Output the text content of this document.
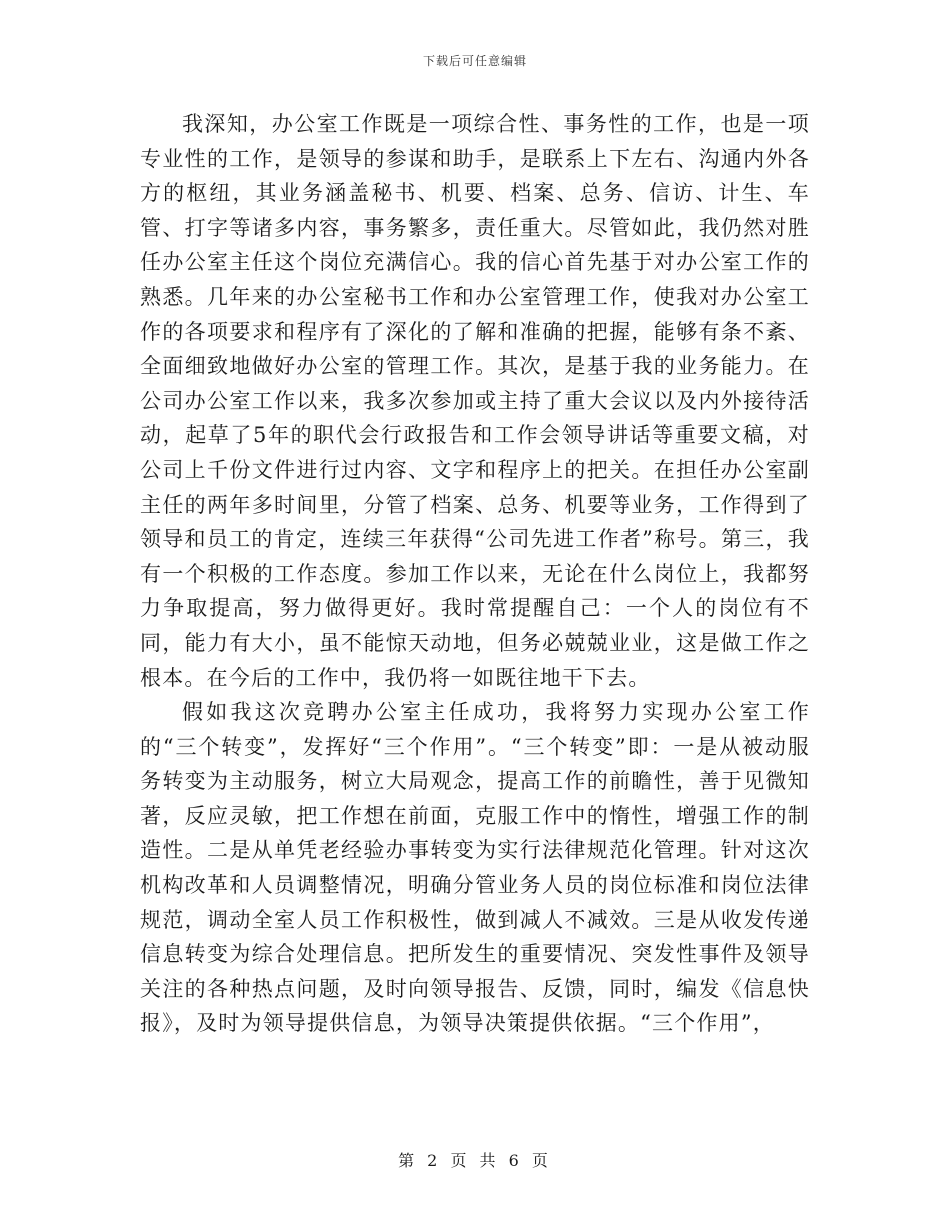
下载后可任意编辑

我深知，办公室工作既是一项综合性、事务性的工作，也是一项专业性的工作，是领导的参谋和助手，是联系上下左右、沟通内外各方的枢纽，其业务涵盖秘书、机要、档案、总务、信访、计生、车管、打字等诸多内容，事务繁多，责任重大。尽管如此，我仍然对胜任办公室主任这个岗位充满信心。我的信心首先基于对办公室工作的熟悉。几年来的办公室秘书工作和办公室管理工作，使我对办公室工作的各项要求和程序有了深化的了解和准确的把握，能够有条不紊、全面细致地做好办公室的管理工作。其次，是基于我的业务能力。在公司办公室工作以来，我多次参加或主持了重大会议以及内外接待活动，起草了5年的职代会行政报告和工作会领导讲话等重要文稿，对公司上千份文件进行过内容、文字和程序上的把关。在担任办公室副主任的两年多时间里，分管了档案、总务、机要等业务，工作得到了领导和员工的肯定，连续三年获得“公司先进工作者”称号。第三，我有一个积极的工作态度。参加工作以来，无论在什么岗位上，我都努力争取提高，努力做得更好。我时常提醒自己：一个人的岗位有不同，能力有大小，虽不能惊天动地，但务必兢兢业业，这是做工作之根本。在今后的工作中，我仍将一如既往地干下去。

假如我这次竞聘办公室主任成功，我将努力实现办公室工作的“三个转变”，发挥好“三个作用”。“三个转变”即：一是从被动服务转变为主动服务，树立大局观念，提高工作的前瞻性，善于见微知著，反应灵敏，把工作想在前面，克服工作中的惰性，增强工作的制造性。二是从单凭老经验办事转变为实行法律规范化管理。针对这次机构改革和人员调整情况，明确分管业务人员的岗位标准和岗位法律规范，调动全室人员工作积极性，做到减人不减效。三是从收发传递信息转变为综合处理信息。把所发生的重要情况、突发性事件及领导关注的各种热点问题，及时向领导报告、反馈，同时，编发《信息快报》，及时为领导提供信息，为领导决策提供依据。“三个作用”，

第 2 页 共 6 页
